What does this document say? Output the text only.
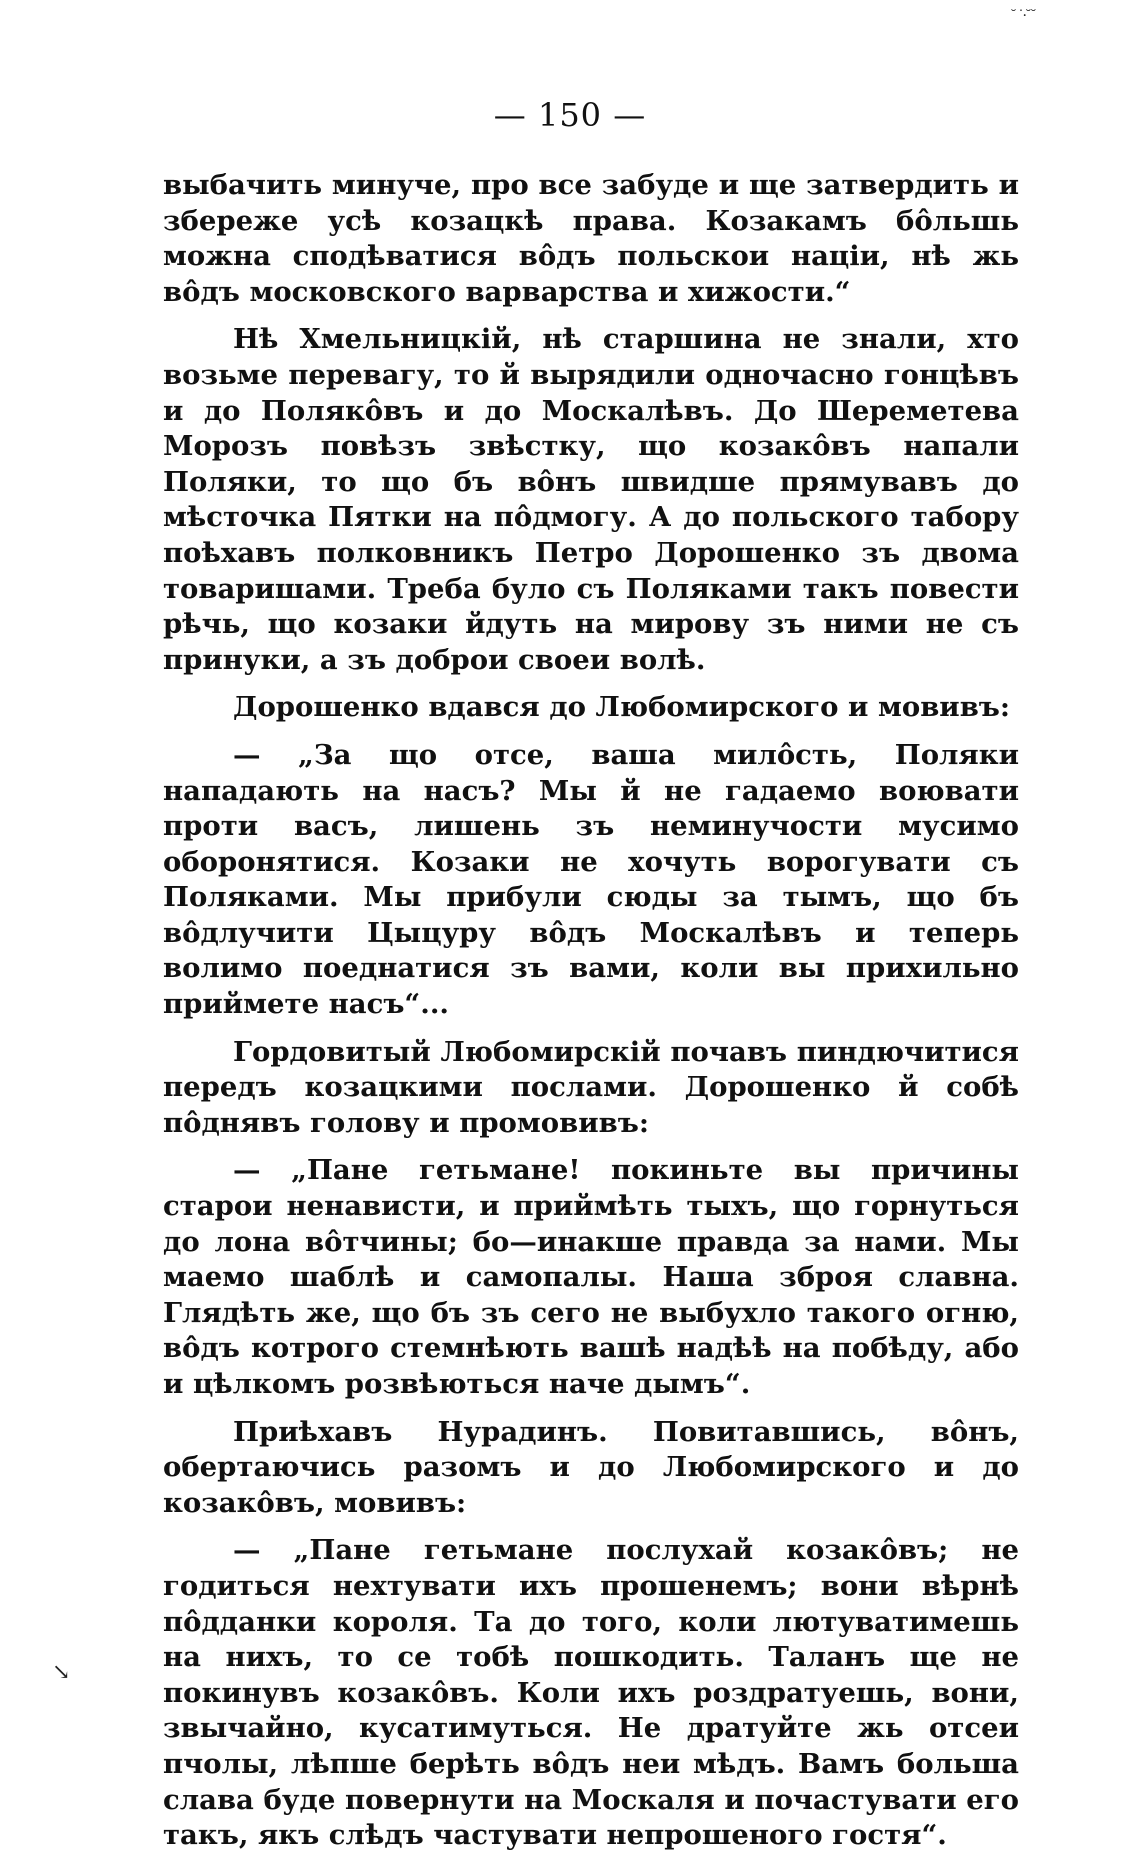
˘ ˙·˘˘
— 150 —

выбачить минуче, про все забуде и ще затвердить и збереже усѣ козацкѣ права. Козакамъ бôльшь можна сподѣватися вôдъ польскои нацiи, нѣ жь вôдъ московского варварства и хижости.“

Нѣ Хмельницкiй, нѣ старшина не знали, хто возьме перевагу, то й вырядили одночасно гонцѣвъ и до Полякôвъ и до Москалѣвъ. До Шереметева Морозъ повѣзъ звѣстку, що козакôвъ напали Поляки, то що бъ вôнъ швидше прямувавъ до мѣсточка Пятки на пôдмогу. А до польского табору поѣхавъ полковникъ Петро Дорошенко зъ двома товаришами. Треба було съ Поляками такъ повести рѣчь, що козаки йдуть на мирову зъ ними не съ принуки, а зъ доброи своеи волѣ.

Дорошенко вдався до Любомирского и мовивъ:

— „За що отсе, ваша милôсть, Поляки нападають на насъ? Мы й не гадаемо воювати проти васъ, лишень зъ неминучости мусимо оборонятися. Козаки не хочуть ворогувати съ Поляками. Мы прибули сюды за тымъ, що бъ вôдлучити Цыцуру вôдъ Москалѣвъ и теперь волимо поеднатися зъ вами, коли вы прихильно приймете насъ“...

Гордовитый Любомирскiй почавъ пиндючитися передъ козацкими послами. Дорошенко й собѣ пôднявъ голову и промовивъ:

— „Пане гетьмане! покиньте вы причины старои ненависти, и приймѣть тыхъ, що горнуться до лона вôтчины; бо—инакше правда за нами. Мы маемо шаблѣ и самопалы. Наша зброя славна. Глядѣть же, що бъ зъ сего не выбухло такого огню, вôдъ котрого стемнѣють вашѣ надѣѣ на побѣду, або и цѣлкомъ розвѣються наче дымъ“.

Приѣхавъ Нурадинъ. Повитавшись, вôнъ, обертаючись разомъ и до Любомирского и до козакôвъ, мовивъ:

— „Пане гетьмане послухай козакôвъ; не годиться нехтувати ихъ прошенемъ; вони вѣрнѣ пôдданки короля. Та до того, коли лютуватимешь на нихъ, то се тобѣ пошкодить. Таланъ ще не покинувъ козакôвъ. Коли ихъ роздратуешь, вони, звычайно, кусатимуться. Не дратуйте жь отсеи пчолы, лѣпше берѣть вôдъ неи мѣдъ. Вамъ больша слава буде повернути на Москаля и почастувати его такъ, якъ слѣдъ частувати непрошеного гостя“.

↘
